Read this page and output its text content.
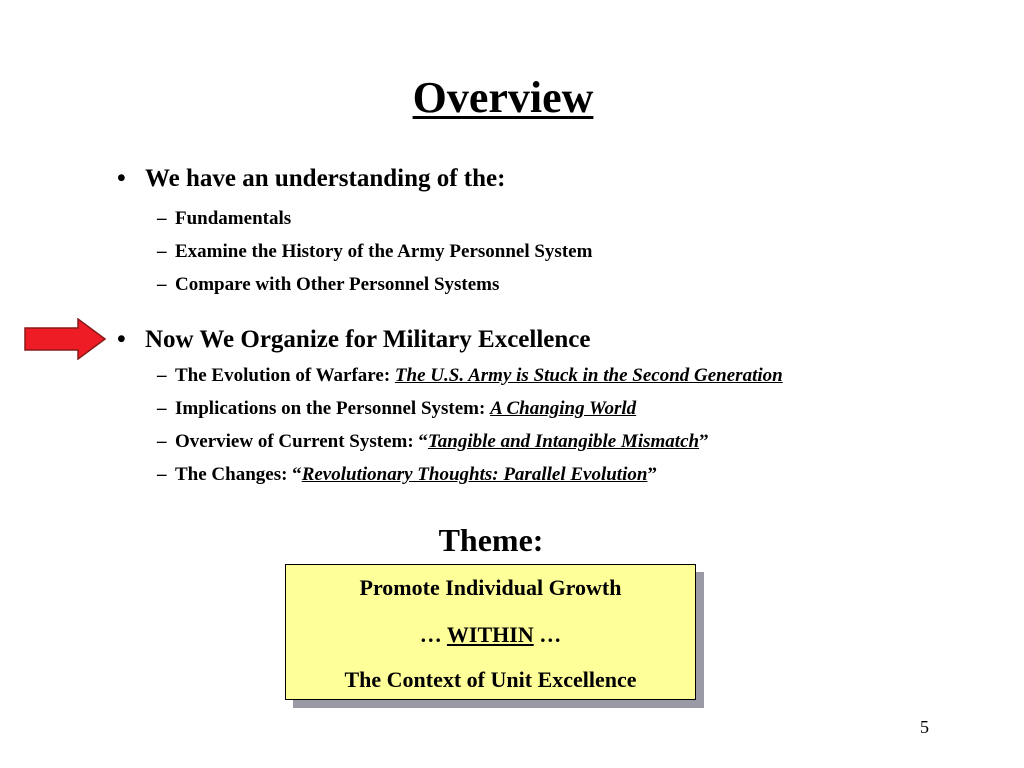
Overview
• We have an understanding of the:
– Fundamentals
– Examine the History of the Army Personnel System
– Compare with Other Personnel Systems
• Now We Organize for Military Excellence
– The Evolution of Warfare: The U.S. Army is Stuck in the Second Generation
– Implications on the Personnel System: A Changing World
– Overview of Current System: “Tangible and Intangible Mismatch”
– The Changes: “Revolutionary Thoughts: Parallel Evolution”
Theme:
Promote Individual Growth
… WITHIN …
The Context of Unit Excellence
5
